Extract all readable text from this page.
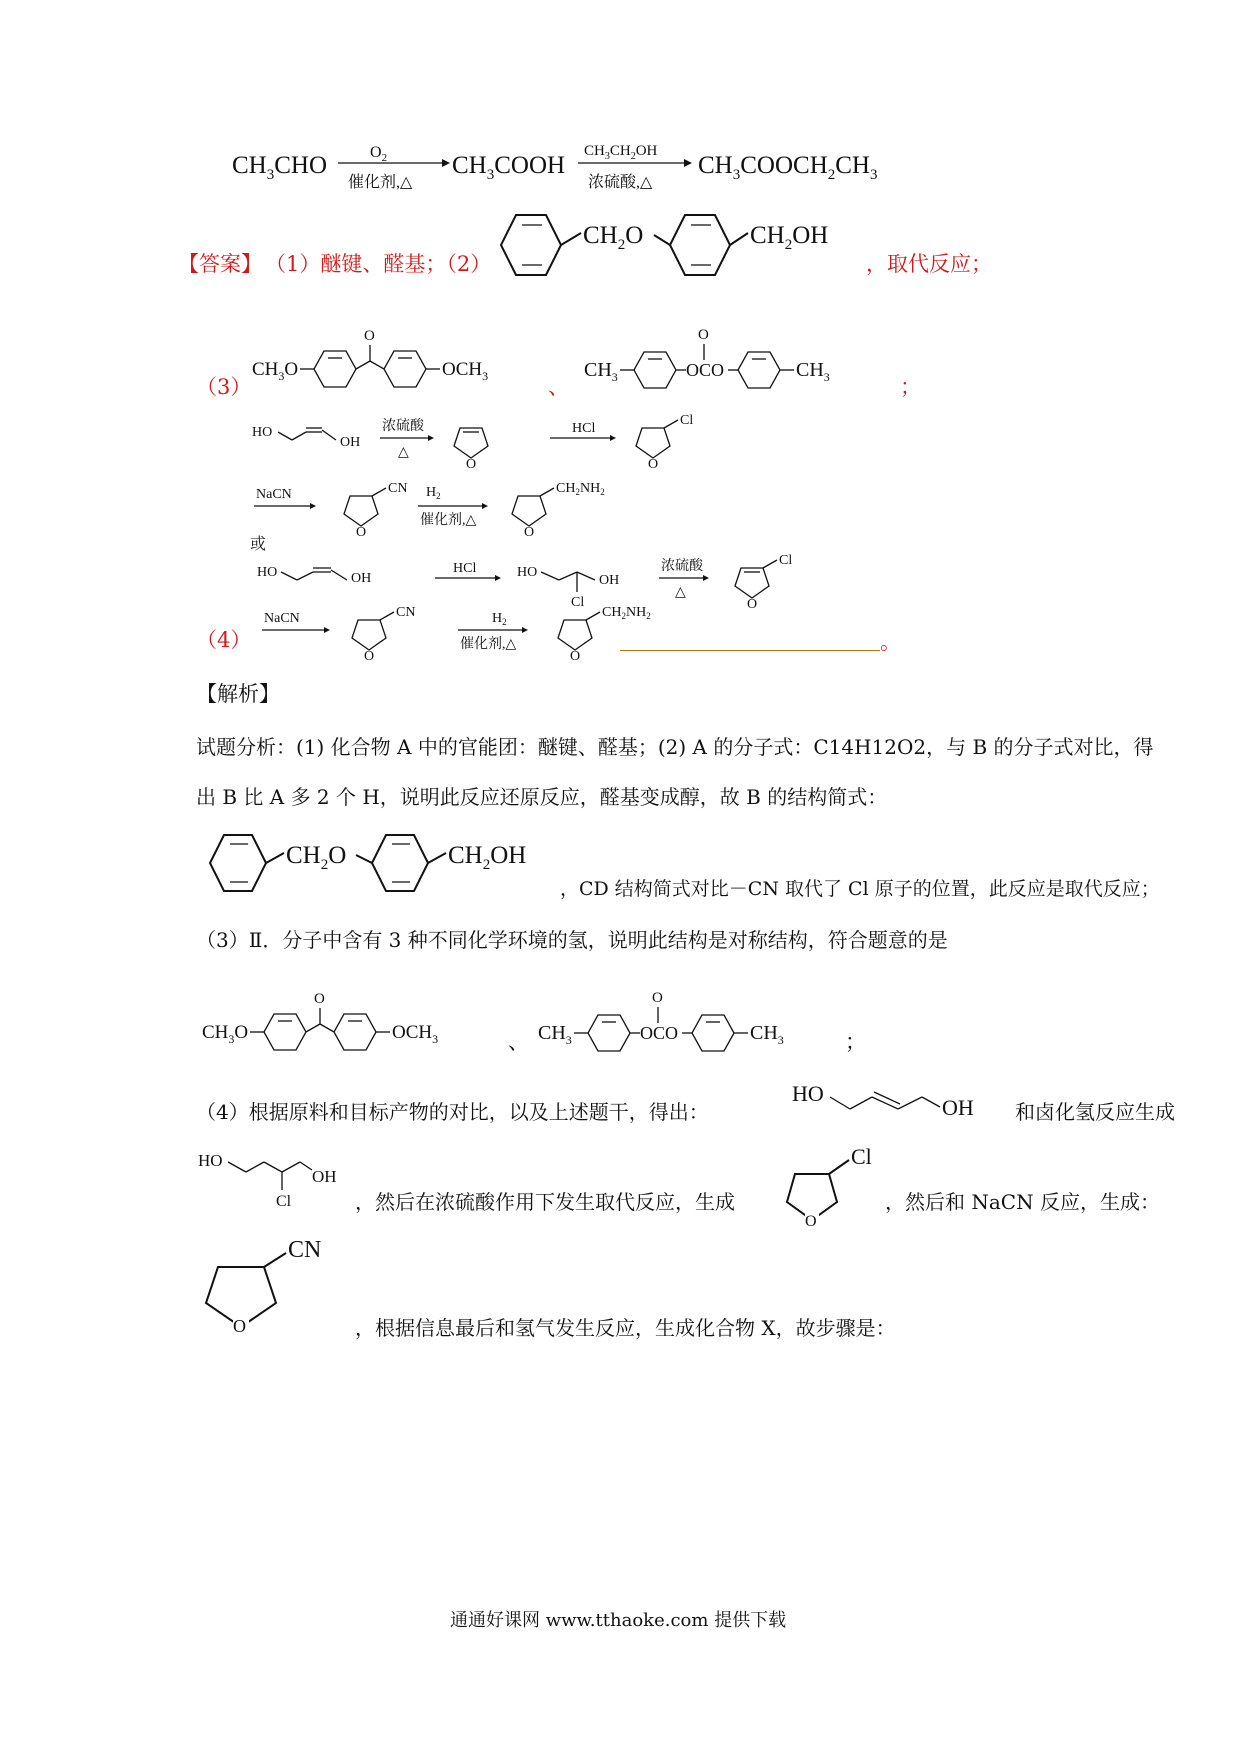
$CH_3CHO$	$O_2$
催化剂,△
$CH_3COOH$
$CH_3CH_2OH$
浓硫酸,△
$CH_3COOCH_2CH_3$
【答案】 （1）醚键、醛基；（2）
$CH_2O$	$CH_2OH$
，取代反应；
（3）
$CH_3O$
O
$OCH_3$	、
$CH_3$	OCO
O
$CH_3$	；
HO
OH
浓硫酸
△
O
HCl
O
Cl
NaCN
O
CN $H_2$
催化剂,△
O
$CH_2NH_2$
或
HO	OH
HCl	HO
Cl
OH
浓硫酸
△
O
Cl
（4）
NaCN
O
CN	$H_2$
催化剂,△
O
$CH_2NH_2$
。
【解析】
试题分析：(1) 化合物 A 中的官能团：醚键、醛基；(2) A 的分子式：C14H12O2，与 B 的分子式对比，得
出 B 比 A 多 2 个 H，说明此反应还原反应，醛基变成醇，故 B 的结构简式：
$CH_2O$	$CH_2OH$
，CD 结构简式对比－CN 取代了 Cl 原子的位置，此反应是取代反应；
（3）Ⅱ．分子中含有 3 种不同化学环境的氢，说明此结构是对称结构，符合题意的是
$CH_3O$
O
$OCH_3$	、 $CH_3$	OCO
O
$CH_3$	；
（4）根据原料和目标产物的对比，以及上述题干，得出：
HO
OH 和卤化氢反应生成
HO
Cl
OH
，然后在浓硫酸作用下发生取代反应，生成
O
Cl
，然后和 NaCN 反应，生成：
O
CN
，根据信息最后和氢气发生反应，生成化合物 X，故步骤是：
通通好课网 www.tthaoke.com 提供下载
